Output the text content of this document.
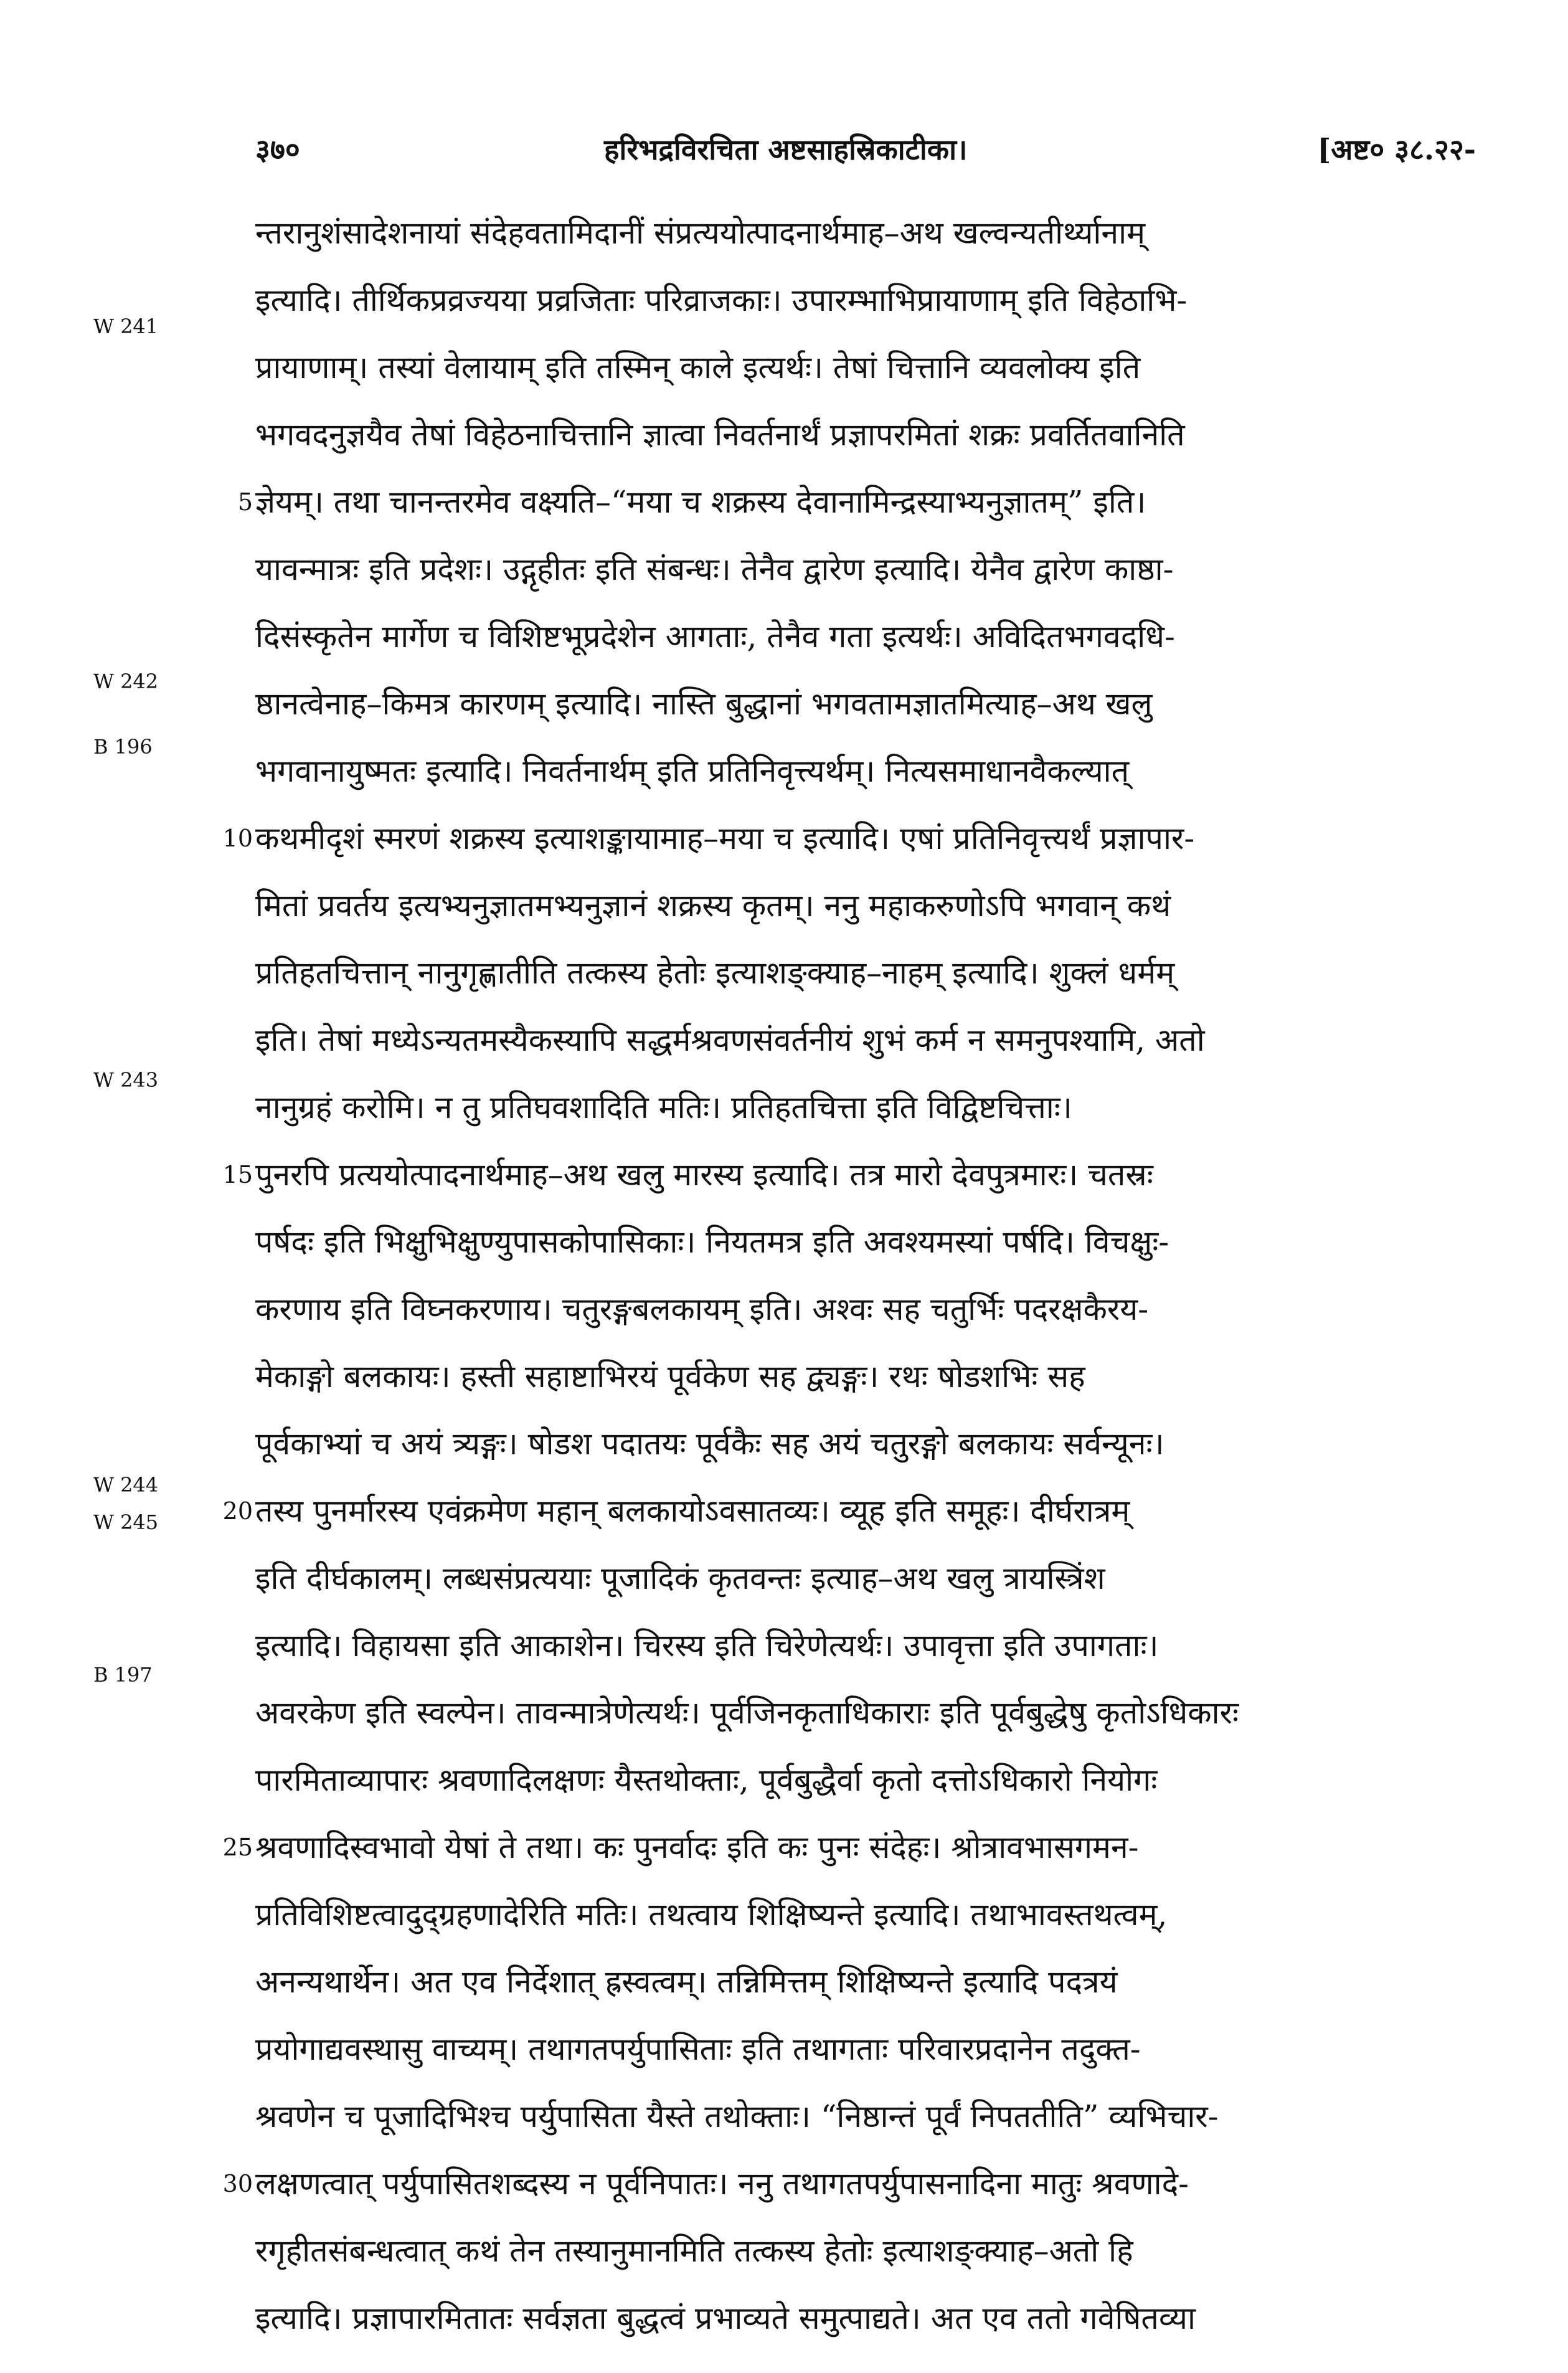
३७०	हरिभद्रविरचिता अष्टसाहस्रिकाटीका।	[अष्ट० ३८.२२-
W 241
W 242
B 196
W 243
W 244
W 245
B 197
न्तरानुशंसादेशनायां संदेहवतामिदानीं संप्रत्ययोत्पादनार्थमाह–अथ खल्वन्यतीर्थ्यानाम्
इत्यादि। तीर्थिकप्रव्रज्यया प्रव्रजिताः परिव्राजकाः। उपारम्भाभिप्रायाणाम् इति विहेठाभि-
प्रायाणाम्। तस्यां वेलायाम् इति तस्मिन् काले इत्यर्थः। तेषां चित्तानि व्यवलोक्य इति
भगवदनुज्ञयैव तेषां विहेठनाचित्तानि ज्ञात्वा निवर्तनार्थं प्रज्ञापरमितां शक्रः प्रवर्तितवानिति
5 ज्ञेयम्। तथा चानन्तरमेव वक्ष्यति–“मया च शक्रस्य देवानामिन्द्रस्याभ्यनुज्ञातम्” इति।
यावन्मात्रः इति प्रदेशः। उद्गृहीतः इति संबन्धः। तेनैव द्वारेण इत्यादि। येनैव द्वारेण काष्ठा-
दिसंस्कृतेन मार्गेण च विशिष्टभूप्रदेशेन आगताः, तेनैव गता इत्यर्थः। अविदितभगवदधि-
ष्ठानत्वेनाह–किमत्र कारणम् इत्यादि। नास्ति बुद्धानां भगवतामज्ञातमित्याह–अथ खलु
भगवानायुष्मतः इत्यादि। निवर्तनार्थम् इति प्रतिनिवृत्त्यर्थम्। नित्यसमाधानवैकल्यात्
10 कथमीदृशं स्मरणं शक्रस्य इत्याशङ्कायामाह–मया च इत्यादि। एषां प्रतिनिवृत्त्यर्थं प्रज्ञापार-
मितां प्रवर्तय इत्यभ्यनुज्ञातमभ्यनुज्ञानं शक्रस्य कृतम्। ननु महाकरुणोऽपि भगवान् कथं
प्रतिहतचित्तान् नानुगृह्णातीति तत्कस्य हेतोः इत्याशङ्क्याह–नाहम् इत्यादि। शुक्लं धर्मम्
इति। तेषां मध्येऽन्यतमस्यैकस्यापि सद्धर्मश्रवणसंवर्तनीयं शुभं कर्म न समनुपश्यामि, अतो
नानुग्रहं करोमि। न तु प्रतिघवशादिति मतिः। प्रतिहतचित्ता इति विद्विष्टचित्ताः।
15 पुनरपि प्रत्ययोत्पादनार्थमाह–अथ खलु मारस्य इत्यादि। तत्र मारो देवपुत्रमारः। चतस्रः
पर्षदः इति भिक्षुभिक्षुण्युपासकोपासिकाः। नियतमत्र इति अवश्यमस्यां पर्षदि। विचक्षुः-
करणाय इति विघ्नकरणाय। चतुरङ्गबलकायम् इति। अश्वः सह चतुर्भिः पदरक्षकैरय-
मेकाङ्गो बलकायः। हस्ती सहाष्टाभिरयं पूर्वकेण सह द्व्यङ्गः। रथः षोडशभिः सह
पूर्वकाभ्यां च अयं त्र्यङ्गः। षोडश पदातयः पूर्वकैः सह अयं चतुरङ्गो बलकायः सर्वन्यूनः।
20 तस्य पुनर्मारस्य एवंक्रमेण महान् बलकायोऽवसातव्यः। व्यूह इति समूहः। दीर्घरात्रम्
इति दीर्घकालम्। लब्धसंप्रत्ययाः पूजादिकं कृतवन्तः इत्याह–अथ खलु त्रायस्त्रिंश
इत्यादि। विहायसा इति आकाशेन। चिरस्य इति चिरेणेत्यर्थः। उपावृत्ता इति उपागताः।
अवरकेण इति स्वल्पेन। तावन्मात्रेणेत्यर्थः। पूर्वजिनकृताधिकाराः इति पूर्वबुद्धेषु कृतोऽधिकारः
पारमिताव्यापारः श्रवणादिलक्षणः यैस्तथोक्ताः, पूर्वबुद्धैर्वा कृतो दत्तोऽधिकारो नियोगः
25 श्रवणादिस्वभावो येषां ते तथा। कः पुनर्वादः इति कः पुनः संदेहः। श्रोत्रावभासगमन-
प्रतिविशिष्टत्वादुद्ग्रहणादेरिति मतिः। तथत्वाय शिक्षिष्यन्ते इत्यादि। तथाभावस्तथत्वम्,
अनन्यथार्थेन। अत एव निर्देशात् ह्रस्वत्वम्। तन्निमित्तम् शिक्षिष्यन्ते इत्यादि पदत्रयं
प्रयोगाद्यवस्थासु वाच्यम्। तथागतपर्युपासिताः इति तथागताः परिवारप्रदानेन तदुक्त-
श्रवणेन च पूजादिभिश्च पर्युपासिता यैस्ते तथोक्ताः। “निष्ठान्तं पूर्वं निपततीति” व्यभिचार-
30 लक्षणत्वात् पर्युपासितशब्दस्य न पूर्वनिपातः। ननु तथागतपर्युपासनादिना मातुः श्रवणादे-
रगृहीतसंबन्धत्वात् कथं तेन तस्यानुमानमिति तत्कस्य हेतोः इत्याशङ्क्याह–अतो हि
इत्यादि। प्रज्ञापारमितातः सर्वज्ञता बुद्धत्वं प्रभाव्यते समुत्पाद्यते। अत एव ततो गवेषितव्या
